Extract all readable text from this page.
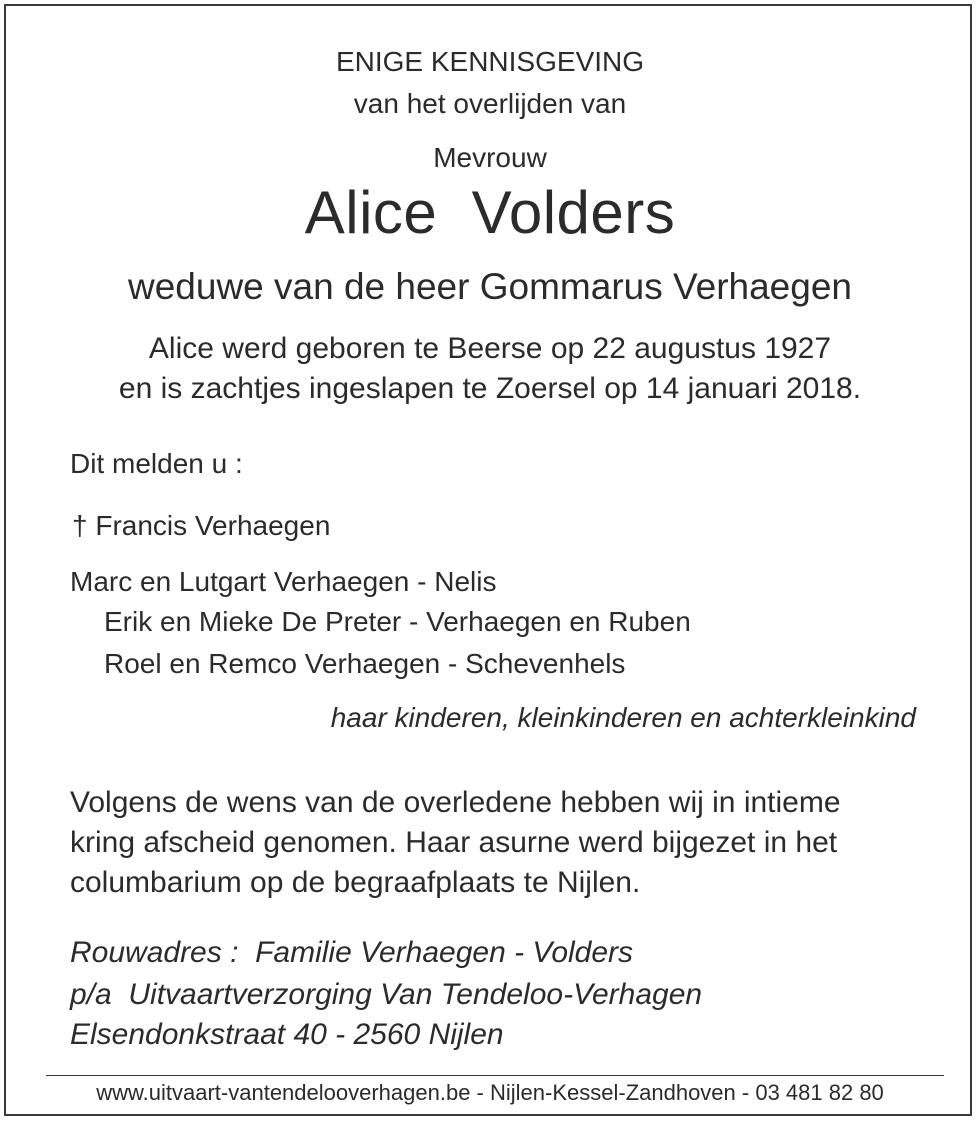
ENIGE KENNISGEVING
van het overlijden van
Mevrouw
Alice  Volders
weduwe van de heer Gommarus Verhaegen
Alice werd geboren te Beerse op 22 augustus 1927
en is zachtjes ingeslapen te Zoersel op 14 januari 2018.
Dit melden u :
† Francis Verhaegen
Marc en Lutgart Verhaegen - Nelis
Erik en Mieke De Preter - Verhaegen en Ruben
Roel en Remco Verhaegen - Schevenhels
haar kinderen, kleinkinderen en achterkleinkind
Volgens de wens van de overledene hebben wij in intieme
kring afscheid genomen. Haar asurne werd bijgezet in het
columbarium op de begraafplaats te Nijlen.
Rouwadres :  Familie Verhaegen - Volders
p/a  Uitvaartverzorging Van Tendeloo-Verhagen
Elsendonkstraat 40 - 2560 Nijlen
www.uitvaart-vantendelooverhagen.be - Nijlen-Kessel-Zandhoven - 03 481 82 80
